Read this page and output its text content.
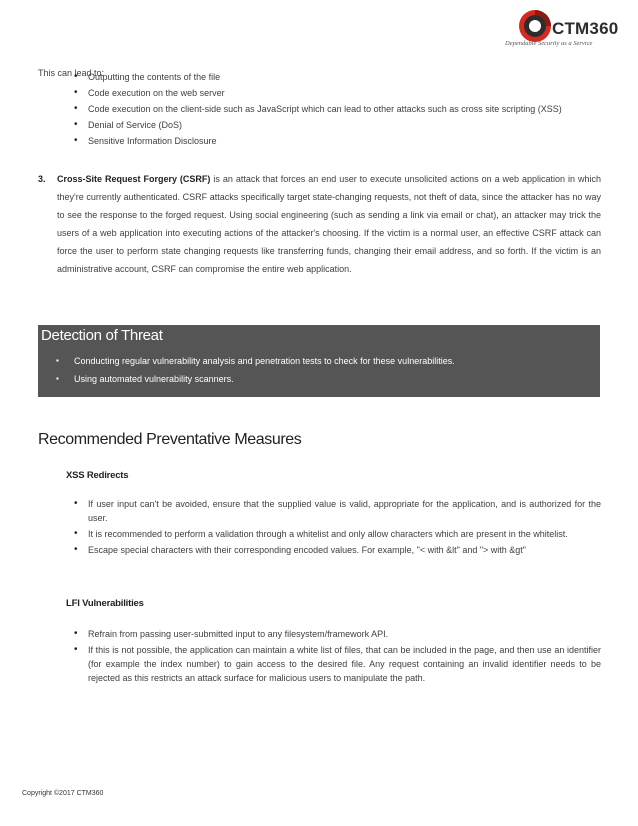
CTM360
Dependable Security as a Service
This can lead to:
• Outputting the contents of the file
• Code execution on the web server
• Code execution on the client-side such as JavaScript which can lead to other attacks such as cross site scripting (XSS)
• Denial of Service (DoS)
• Sensitive Information Disclosure
3. Cross-Site Request Forgery (CSRF) is an attack that forces an end user to execute unsolicited actions on a web application in which they're currently authenticated. CSRF attacks specifically target state-changing requests, not theft of data, since the attacker has no way to see the response to the forged request. Using social engineering (such as sending a link via email or chat), an attacker may trick the users of a web application into executing actions of the attacker's choosing. If the victim is a normal user, an effective CSRF attack can force the user to perform state changing requests like transferring funds, changing their email address, and so forth. If the victim is an administrative account, CSRF can compromise the entire web application.
Detection of Threat
▪ Conducting regular vulnerability analysis and penetration tests to check for these vulnerabilities.
▪ Using automated vulnerability scanners.
Recommended Preventative Measures
XSS Redirects
• If user input can't be avoided, ensure that the supplied value is valid, appropriate for the application, and is authorized for the user.
• It is recommended to perform a validation through a whitelist and only allow characters which are present in the whitelist.
• Escape special characters with their corresponding encoded values. For example, "< with &lt" and "> with &gt"
LFI Vulnerabilities
• Refrain from passing user-submitted input to any filesystem/framework API.
• If this is not possible, the application can maintain a white list of files, that can be included in the page, and then use an identifier (for example the index number) to gain access to the desired file. Any request containing an invalid identifier needs to be rejected as this restricts an attack surface for malicious users to manipulate the path.
Copyright ©2017 CTM360
